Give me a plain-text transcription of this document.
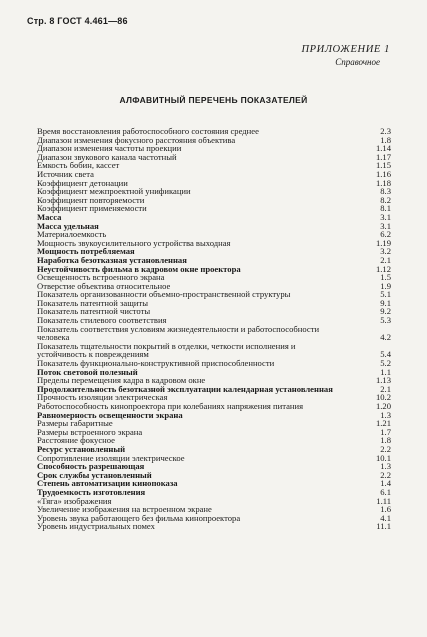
Стр. 8 ГОСТ 4.461—86
ПРИЛОЖЕНИЕ 1
Справочное
АЛФАВИТНЫЙ ПЕРЕЧЕНЬ ПОКАЗАТЕЛЕЙ
Время восстановления работоспособного состояния среднее	2.3
Диапазон изменения фокусного расстояния объектива	1.8
Диапазон изменения частоты проекции	1.14
Диапазон звукового канала частотный	1.17
Емкость бобин, кассет	1.15
Источник света	1.16
Коэффициент детонации	1.18
Коэффициент межпроектной унификации	8.3
Коэффициент повторяемости	8.2
Коэффициент применяемости	8.1
Масса	3.1
Масса удельная	3.1
Материалоемкость	6.2
Мощность звукоусилительного устройства выходная	1.19
Мощность потребляемая	3.2
Наработка безотказная установленная	2.1
Неустойчивость фильма в кадровом окне проектора	1.12
Освещенность встроенного экрана	1.5
Отверстие объектива относительное	1.9
Показатель организованности объемно-пространственной структуры	5.1
Показатель патентной защиты	9.1
Показатель патентной чистоты	9.2
Показатель стилевого соответствия	5.3
Показатель соответствия условиям жизнедеятельности и работоспособности человека	4.2
Показатель тщательности покрытий в отделки, четкости исполнения и устойчивость к повреждениям	5.4
Показатель функционально-конструктивной приспособленности	5.2
Поток световой полезный	1.1
Пределы перемещения кадра в кадровом окне	1.13
Продолжительность безотказной эксплуатации календарная установленная	2.1
Прочность изоляции электрическая	10.2
Работоспособность кинопроектора при колебаниях напряжения питания	1.20
Равномерность освещенности экрана	1.3
Размеры габаритные	1.21
Размеры встроенного экрана	1.7
Расстояние фокусное	1.8
Ресурс установленный	2.2
Сопротивление изоляции электрическое	10.1
Способность разрешающая	1.3
Срок службы установленный	2.2
Степень автоматизации кинопоказа	1.4
Трудоемкость изготовления	6.1
«Тяга» изображения	1.11
Увеличение изображения на встроенном экране	1.6
Уровень звука работающего без фильма кинопроектора	4.1
Уровень индустриальных помех	11.1
